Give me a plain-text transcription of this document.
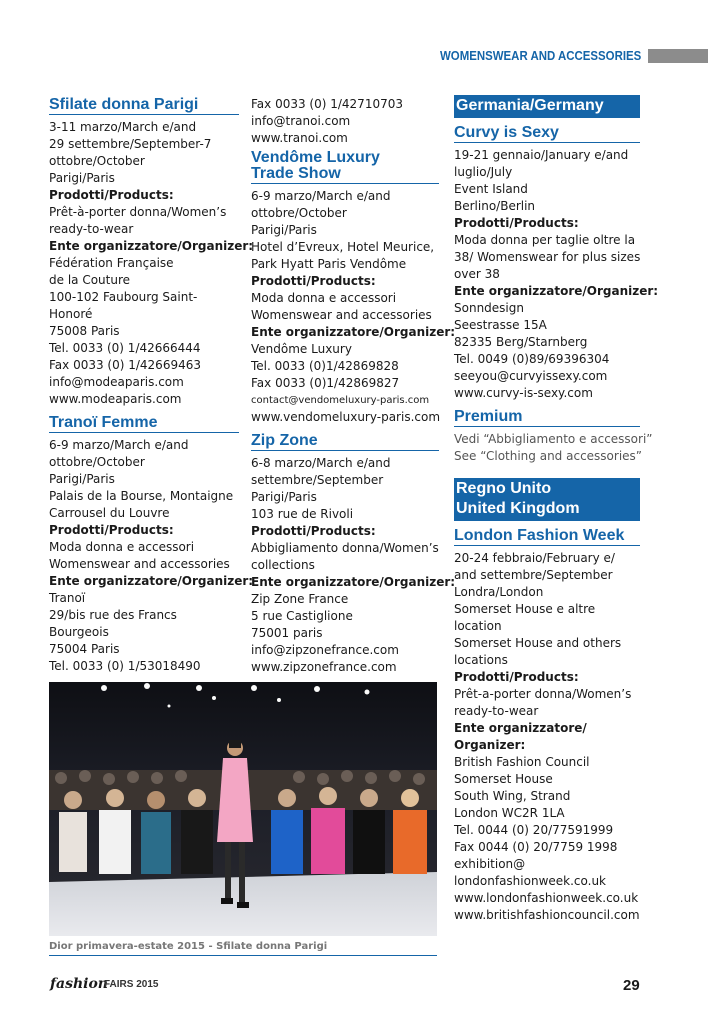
WOMENSWEAR AND ACCESSORIES
Sfilate donna Parigi

3-11 marzo/March e/and

29 settembre/September-7

ottobre/October

Parigi/Paris

Prodotti/Products:

Prêt-à-porter donna/Women’s

ready-to-wear

Ente organizzatore/Organizer:

Fédération Française

de la Couture

100-102 Faubourg Saint-

Honoré

75008 Paris

Tel. 0033 (0) 1/42666444

Fax 0033 (0) 1/42669463

info@modeaparis.com

www.modeaparis.com

Tranoï Femme

6-9 marzo/March e/and

ottobre/October

Parigi/Paris

Palais de la Bourse, Montaigne

Carrousel du Louvre

Prodotti/Products:

Moda donna e accessori

Womenswear and accessories

Ente organizzatore/Organizer:

Tranoï

29/bis rue des Francs

Bourgeois

75004 Paris

Tel. 0033 (0) 1/53018490

Fax 0033 (0) 1/42710703

info@tranoi.com

www.tranoi.com

Vendôme Luxury
Trade Show

6-9 marzo/March e/and

ottobre/October

Parigi/Paris

Hotel d’Evreux, Hotel Meurice,

Park Hyatt Paris Vendôme

Prodotti/Products:

Moda donna e accessori

Womenswear and accessories

Ente organizzatore/Organizer:

Vendôme Luxury

Tel. 0033 (0)1/42869828

Fax 0033 (0)1/42869827

contact@vendomeluxury-paris.com

www.vendomeluxury-paris.com

Zip Zone

6-8 marzo/March e/and

settembre/September

Parigi/Paris

103 rue de Rivoli

Prodotti/Products:

Abbigliamento donna/Women’s

collections

Ente organizzatore/Organizer:

Zip Zone France

5 rue Castiglione

75001 paris

info@zipzonefrance.com

www.zipzonefrance.com

Germania/Germany
Curvy is Sexy

19-21 gennaio/January e/and

luglio/July

Event Island

Berlino/Berlin

Prodotti/Products:

Moda donna per taglie oltre la

38/ Womenswear for plus sizes

over 38

Ente organizzatore/Organizer:

Sonndesign

Seestrasse 15A

82335 Berg/Starnberg

Tel. 0049 (0)89/69396304

seeyou@curvyissexy.com

www.curvy-is-sexy.com

Premium

Vedi “Abbigliamento e accessori”

See “Clothing and accessories”

Regno Unito
United Kingdom
London Fashion Week

20-24 febbraio/February e/

and settembre/September

Londra/London

Somerset House e altre

location

Somerset House and others

locations

Prodotti/Products:

Prêt-a-porter donna/Women’s

ready-to-wear

Ente organizzatore/

Organizer:

British Fashion Council

Somerset House

South Wing, Strand

London WC2R 1LA

Tel. 0044 (0) 20/77591999

Fax 0044 (0) 20/7759 1998

exhibition@

londonfashionweek.co.uk

www.londonfashionweek.co.uk

www.britishfashioncouncil.com

Dior primavera-estate 2015 - Sfilate donna Parigi
fashion
FAIRS 2015	29
